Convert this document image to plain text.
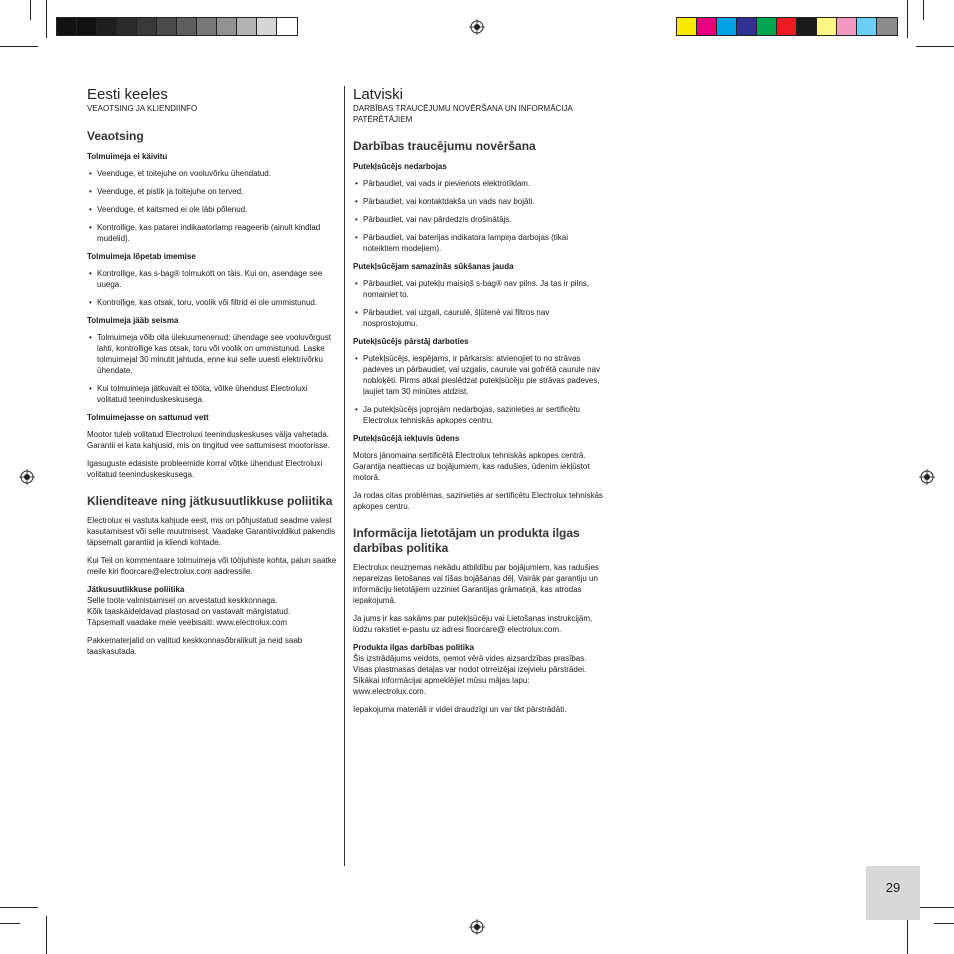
Eesti keeles
VEAOTSING JA KLIENDIINFO
Veaotsing
Tolmuimeja ei käivitu
• Veenduge, et toitejuhe on vooluvõrku ühendatud.
• Veenduge, et pistik ja toitejuhe on terved.
• Veenduge, et kaitsmed ei ole läbi põlenud.
• Kontrollige, kas patarei indikaatorlamp reageerib (ainult kindlad mudelid).
Tolmuimeja lõpetab imemise
• Kontrollige, kas s-bag® tolmukott on täis. Kui on, asendage see uuega.
• Kontrollige, kas otsak, toru, voolik või filtrid ei ole ummistunud.
Tolmuimeja jääb seisma
• Tolmuimeja võib olla ülekuumenenud: ühendage see vooluvõrgust lahti, kontrollige kas otsak, toru või voolik on ummistunud. Laske tolmuimejal 30 minutit jahtuda, enne kui selle uuesti elektrivõrku ühendate.
• Kui tolmuimeja jätkuvalt ei tööta, võtke ühendust Electroluxi volitatud teeninduskeskusega.
Tolmuimejasse on sattunud vett

Mootor tuleb volitatud Electroluxi teeninduskeskuses välja vahetada. Garantii ei kata kahjusid, mis on tingitud vee sattumisest mootorisse.

Igasuguste edasiste probleemide korral võtke ühendust Electroluxi volitatud teeninduskeskusega.

Klienditeave ning jätkusuutlikkuse poliitika

Electrolux ei vastuta kahjude eest, mis on põhjustatud seadme valest kasutamisest või selle muutmisest. Vaadake Garantiivoldikut pakendis täpsemalt garantiid ja kliendi kohtade.

Kui Teil on kommentaare tolmuimeja või tööjuhiste kohta, palun saatke meile kiri floorcare@electrolux.com aadressile.

Jätkusuutlikkuse poliitika

Selle toote valmistamisel on arvestatud keskkonnaga.

Kõik taaskäideldavad plastosad on vastavalt märgistatud.

Täpsemalt vaadake meie veebisaiti: www.electrolux.com

Pakkematerjalid on valitud keskkonnasõbralikult ja neid saab taaskasutada.

Latviski
DARBĪBAS TRAUCĒJUMU NOVĒRŠANA UN INFORMĀCIJA PATĒRĒTĀJIEM
Darbības traucējumu novēršana
Putekļsūcējs nedarbojas
• Pārbaudiet, vai vads ir pievienots elektrotīklam.
• Pārbaudiet, vai kontaktdakša un vads nav bojāti.
• Pārbaudiet, vai nav pārdedzis drošinātājs.
• Pārbaudiet, vai baterijas indikatora lampiņa darbojas (tikai noteiktiem modeļiem).
Putekļsūcējam samazinās sūkšanas jauda
• Pārbaudiet, vai putekļu maisiņš s-bag® nav pilns. Ja tas ir pilns, nomainiet to.
• Pārbaudiet, vai uzgali, caurulē, šļūtenē vai filtros nav nosprostojumu.
Putekļsūcējs pārstāj darboties
• Putekļsūcējs, iespējams, ir pārkarsis: atvienojiet to no strāvas padeves un pārbaudiet, vai uzgalis, caurule vai gofrētā caurule nav nobloķēti. Pirms atkal pieslēdzat putekļsūcēju pie strāvas padeves, ļaujiet tam 30 minūtes atdzist.
• Ja putekļsūcējs joprojām nedarbojas, sazinieties ar sertificētu Electrolux tehniskās apkopes centru.
Putekļsūcējā iekļuvis ūdens

Motors jānomaina sertificētā Electrolux tehniskās apkopes centrā. Garantija neattiecas uz bojājumiem, kas radušies, ūdenim iekļūstot motorā.

Ja rodas citas problēmas, sazinieties ar sertificētu Electrolux tehniskās apkopes centru.

Informācija lietotājam un produkta ilgas darbības politika

Electrolux neuzņemas nekādu atbildību par bojājumiem, kas radušies nepareizas lietošanas vai tīšas bojāšanas dēļ. Vairāk par garantiju un informāciju lietotājiem uzziniet Garantijas grāmatiņā, kas atrodas iepakojumā.

Ja jums ir kas sakāms par putekļsūcēju vai Lietošanas instrukcijām, lūdzu rakstiet e-pastu uz adresi floorcare@ electrolux.com.

Produkta ilgas darbības politika

Šis izstrādājums veidots, ņemot vērā vides aizsardzības prasības. Visas plastmasas detaļas var nodot otrreizējai izejvielu pārstrādei. Sīkākai informācijai apmeklējiet mūsu mājas lapu:

www.electrolux.com.

Iepakojuma materiāli ir videi draudzīgi un var tikt pārstrādāti.

29
